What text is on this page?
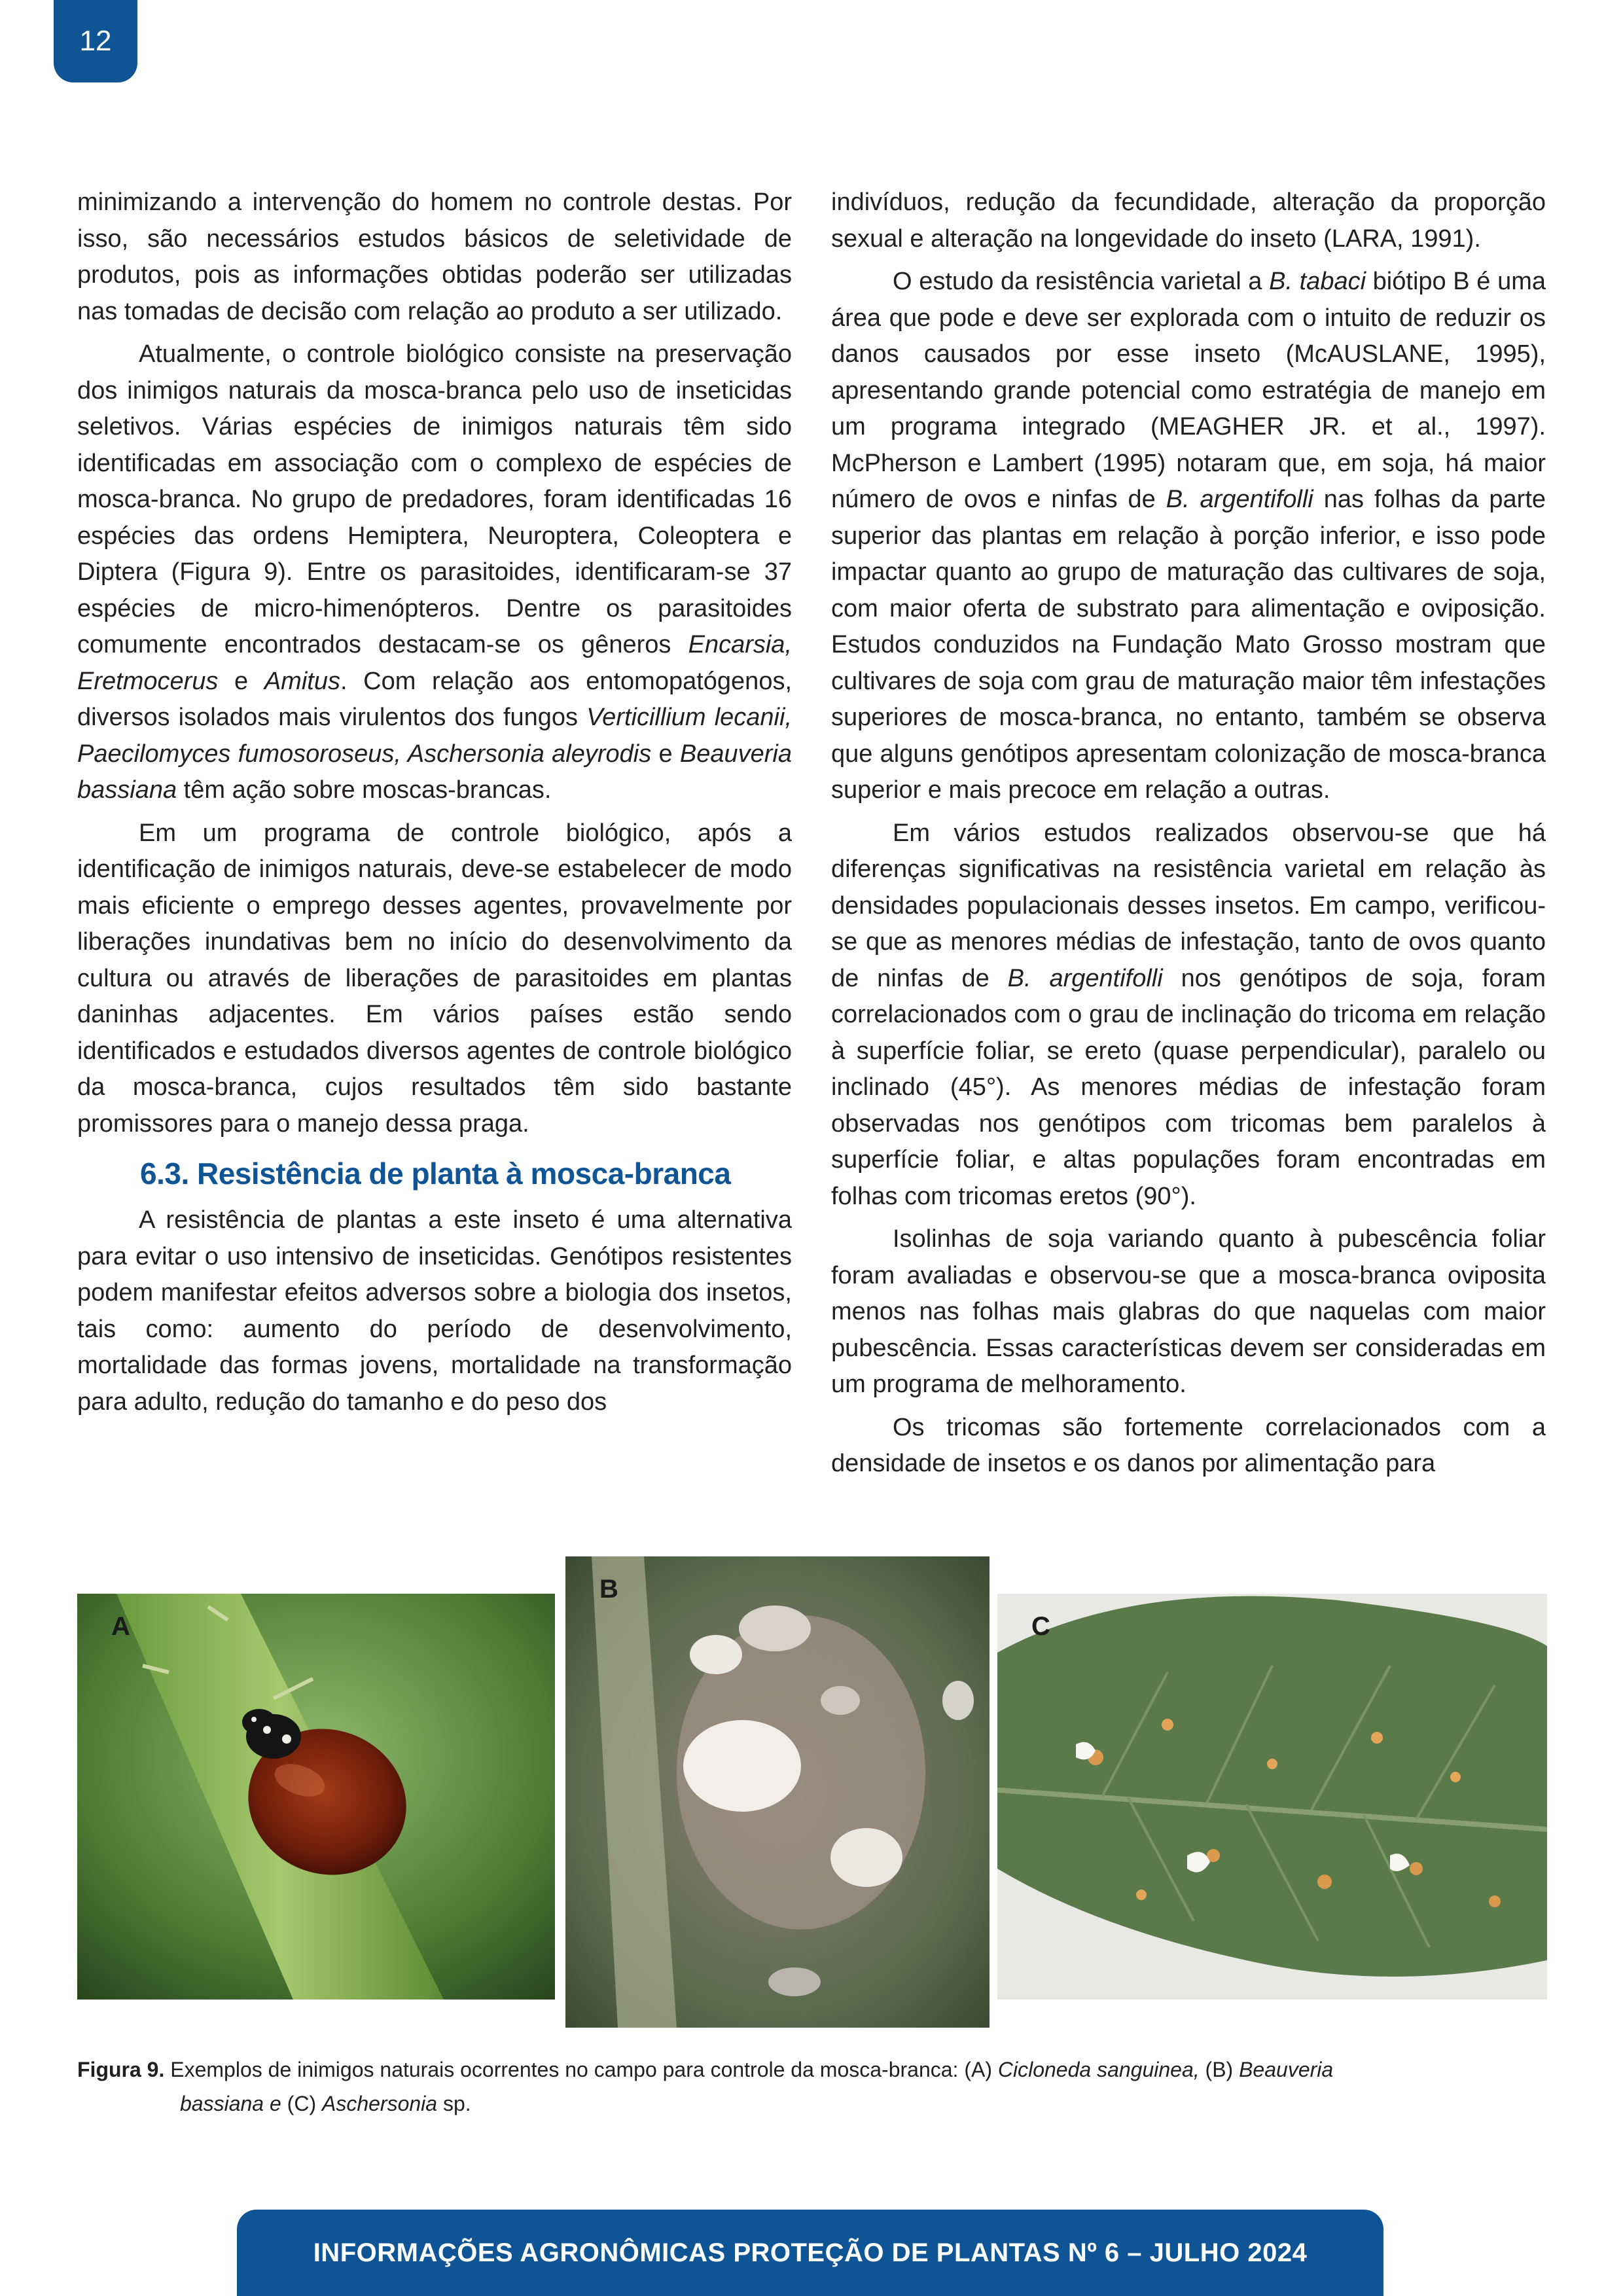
12

minimizando a intervenção do homem no controle destas. Por isso, são necessários estudos básicos de seletividade de produtos, pois as informações obtidas poderão ser utilizadas nas tomadas de decisão com relação ao produto a ser utilizado.

Atualmente, o controle biológico consiste na preservação dos inimigos naturais da mosca-branca pelo uso de inseticidas seletivos. Várias espécies de inimigos naturais têm sido identificadas em associação com o complexo de espécies de mosca-branca. No grupo de predadores, foram identificadas 16 espécies das ordens Hemiptera, Neuroptera, Coleoptera e Diptera (Figura 9). Entre os parasitoides, identificaram-se 37 espécies de micro-himenópteros. Dentre os parasitoides comumente encontrados destacam-se os gêneros Encarsia, Eretmocerus e Amitus. Com relação aos entomopatógenos, diversos isolados mais virulentos dos fungos Verticillium lecanii, Paecilomyces fumosoroseus, Aschersonia aleyrodis e Beauveria bassiana têm ação sobre moscas-brancas.

Em um programa de controle biológico, após a identificação de inimigos naturais, deve-se estabelecer de modo mais eficiente o emprego desses agentes, provavelmente por liberações inundativas bem no início do desenvolvimento da cultura ou através de liberações de parasitoides em plantas daninhas adjacentes. Em vários países estão sendo identificados e estudados diversos agentes de controle biológico da mosca-branca, cujos resultados têm sido bastante promissores para o manejo dessa praga.

6.3. Resistência de planta à mosca-branca

A resistência de plantas a este inseto é uma alternativa para evitar o uso intensivo de inseticidas. Genótipos resistentes podem manifestar efeitos adversos sobre a biologia dos insetos, tais como: aumento do período de desenvolvimento, mortalidade das formas jovens, mortalidade na transformação para adulto, redução do tamanho e do peso dos

indivíduos, redução da fecundidade, alteração da proporção sexual e alteração na longevidade do inseto (LARA, 1991).

O estudo da resistência varietal a B. tabaci biótipo B é uma área que pode e deve ser explorada com o intuito de reduzir os danos causados por esse inseto (McAUSLANE, 1995), apresentando grande potencial como estratégia de manejo em um programa integrado (MEAGHER JR. et al., 1997). McPherson e Lambert (1995) notaram que, em soja, há maior número de ovos e ninfas de B. argentifolli nas folhas da parte superior das plantas em relação à porção inferior, e isso pode impactar quanto ao grupo de maturação das cultivares de soja, com maior oferta de substrato para alimentação e oviposição. Estudos conduzidos na Fundação Mato Grosso mostram que cultivares de soja com grau de maturação maior têm infestações superiores de mosca-branca, no entanto, também se observa que alguns genótipos apresentam colonização de mosca-branca superior e mais precoce em relação a outras.

Em vários estudos realizados observou-se que há diferenças significativas na resistência varietal em relação às densidades populacionais desses insetos. Em campo, verificou-se que as menores médias de infestação, tanto de ovos quanto de ninfas de B. argentifolli nos genótipos de soja, foram correlacionados com o grau de inclinação do tricoma em relação à superfície foliar, se ereto (quase perpendicular), paralelo ou inclinado (45°). As menores médias de infestação foram observadas nos genótipos com tricomas bem paralelos à superfície foliar, e altas populações foram encontradas em folhas com tricomas eretos (90°).

Isolinhas de soja variando quanto à pubescência foliar foram avaliadas e observou-se que a mosca-branca oviposita menos nas folhas mais glabras do que naquelas com maior pubescência. Essas características devem ser consideradas em um programa de melhoramento.

Os tricomas são fortemente correlacionados com a densidade de insetos e os danos por alimentação para

A
B
C
Figura 9. Exemplos de inimigos naturais ocorrentes no campo para controle da mosca-branca: (A) Cicloneda sanguinea, (B) Beauveria
bassiana e (C) Aschersonia sp.
INFORMAÇÕES AGRONÔMICAS PROTEÇÃO DE PLANTAS Nº 6 – JULHO 2024
